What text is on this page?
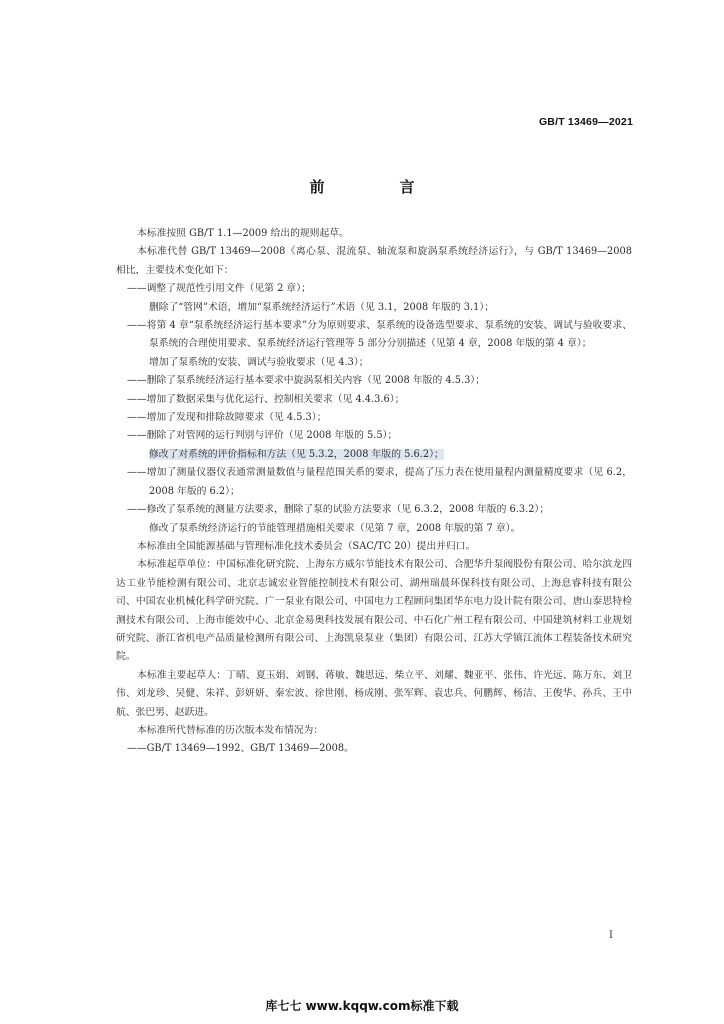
GB/T 13469—2021
前　言

本标准按照 GB/T 1.1—2009 给出的规则起草。

本标准代替 GB/T 13469—2008《离心泵、混流泵、轴流泵和旋涡泵系统经济运行》，与 GB/T 13469—2008 相比，主要技术变化如下：

——调整了规范性引用文件（见第 2 章）；

删除了“管网”术语，增加“泵系统经济运行”术语（见 3.1，2008 年版的 3.1）；

——将第 4 章“泵系统经济运行基本要求”分为原则要求、泵系统的设备选型要求、泵系统的安装、调试与验收要求、泵系统的合理使用要求、泵系统经济运行管理等 5 部分分别描述（见第 4 章，2008 年版的第 4 章）；

增加了泵系统的安装、调试与验收要求（见 4.3）；

——删除了泵系统经济运行基本要求中旋涡泵相关内容（见 2008 年版的 4.5.3）；

——增加了数据采集与优化运行、控制相关要求（见 4.4.3.6）；

——增加了发现和排除故障要求（见 4.5.3）；

——删除了对管网的运行判别与评价（见 2008 年版的 5.5）；

修改了对系统的评价指标和方法（见 5.3.2，2008 年版的 5.6.2）；

——增加了测量仪器仪表通常测量数值与量程范围关系的要求，提高了压力表在使用量程内测量精度要求（见 6.2，2008 年版的 6.2）；

——修改了泵系统的测量方法要求，删除了泵的试验方法要求（见 6.3.2，2008 年版的 6.3.2）；

修改了泵系统经济运行的节能管理措施相关要求（见第 7 章，2008 年版的第 7 章）。

本标准由全国能源基础与管理标准化技术委员会（SAC/TC 20）提出并归口。

本标准起草单位：中国标准化研究院、上海东方威尔节能技术有限公司、合肥华升泵阀股份有限公司、哈尔滨龙四达工业节能检测有限公司、北京志诚宏业智能控制技术有限公司、湖州瑞晨环保科技有限公司、上海息睿科技有限公司、中国农业机械化科学研究院、广一泵业有限公司、中国电力工程顾问集团华东电力设计院有限公司、唐山泰思特检测技术有限公司、上海市能效中心、北京金易奥科技发展有限公司、中石化广州工程有限公司、中国建筑材料工业规划研究院、浙江省机电产品质量检测所有限公司、上海凯泉泵业（集团）有限公司、江苏大学镇江流体工程装备技术研究院。

本标准主要起草人：丁晴、夏玉娟、刘钢、蒋敏、魏思远、柴立平、刘耀、魏亚平、张伟、许光远、陈万东、刘卫伟、刘龙珍、吴健、朱祥、彭妍妍、秦宏波、徐世刚、杨成刚、张军辉、袁忠兵、何鹏辉、杨洁、王俊华、孙兵、王中航、张巴男、赵跃进。

本标准所代替标准的历次版本发布情况为：

——GB/T 13469—1992、GB/T 13469—2008。

I
库七七 www.kqqw.com标准下载
